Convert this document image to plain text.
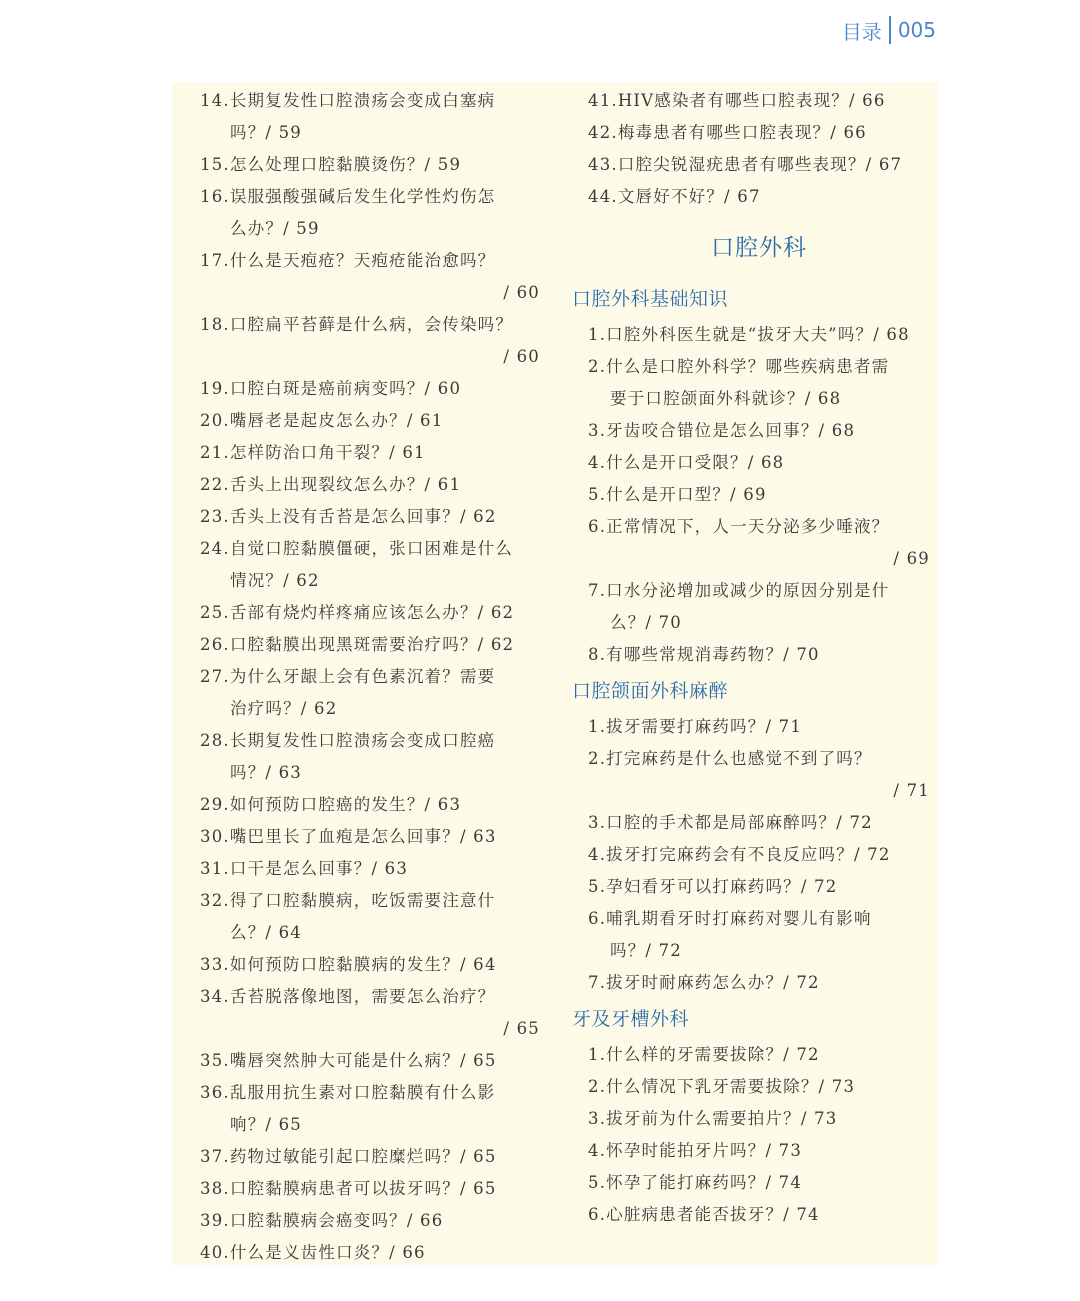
目录 005
14.长期复发性口腔溃疡会变成白塞病
吗？/ 59
15.怎么处理口腔黏膜烫伤？/ 59
16.误服强酸强碱后发生化学性灼伤怎
么办？/ 59
17.什么是天疱疮？天疱疮能治愈吗？
/ 60
18.口腔扁平苔藓是什么病，会传染吗？
/ 60
19.口腔白斑是癌前病变吗？/ 60
20.嘴唇老是起皮怎么办？/ 61
21.怎样防治口角干裂？/ 61
22.舌头上出现裂纹怎么办？/ 61
23.舌头上没有舌苔是怎么回事？/ 62
24.自觉口腔黏膜僵硬，张口困难是什么
情况？/ 62
25.舌部有烧灼样疼痛应该怎么办？/ 62
26.口腔黏膜出现黑斑需要治疗吗？/ 62
27.为什么牙龈上会有色素沉着？需要
治疗吗？/ 62
28.长期复发性口腔溃疡会变成口腔癌
吗？/ 63
29.如何预防口腔癌的发生？/ 63
30.嘴巴里长了血疱是怎么回事？/ 63
31.口干是怎么回事？/ 63
32.得了口腔黏膜病，吃饭需要注意什
么？/ 64
33.如何预防口腔黏膜病的发生？/ 64
34.舌苔脱落像地图，需要怎么治疗？
/ 65
35.嘴唇突然肿大可能是什么病？/ 65
36.乱服用抗生素对口腔黏膜有什么影
响？/ 65
37.药物过敏能引起口腔糜烂吗？/ 65
38.口腔黏膜病患者可以拔牙吗？/ 65
39.口腔黏膜病会癌变吗？/ 66
40.什么是义齿性口炎？/ 66
41.HIV感染者有哪些口腔表现？/ 66
42.梅毒患者有哪些口腔表现？/ 66
43.口腔尖锐湿疣患者有哪些表现？/ 67
44.文唇好不好？/ 67
口腔外科
口腔外科基础知识
1.口腔外科医生就是“拔牙大夫”吗？/ 68
2.什么是口腔外科学？哪些疾病患者需
要于口腔颌面外科就诊？/ 68
3.牙齿咬合错位是怎么回事？/ 68
4.什么是开口受限？/ 68
5.什么是开口型？/ 69
6.正常情况下，人一天分泌多少唾液？
/ 69
7.口水分泌增加或减少的原因分别是什
么？/ 70
8.有哪些常规消毒药物？/ 70
口腔颌面外科麻醉
1.拔牙需要打麻药吗？/ 71
2.打完麻药是什么也感觉不到了吗？
/ 71
3.口腔的手术都是局部麻醉吗？/ 72
4.拔牙打完麻药会有不良反应吗？/ 72
5.孕妇看牙可以打麻药吗？/ 72
6.哺乳期看牙时打麻药对婴儿有影响
吗？/ 72
7.拔牙时耐麻药怎么办？/ 72
牙及牙槽外科
1.什么样的牙需要拔除？/ 72
2.什么情况下乳牙需要拔除？/ 73
3.拔牙前为什么需要拍片？/ 73
4.怀孕时能拍牙片吗？/ 73
5.怀孕了能打麻药吗？/ 74
6.心脏病患者能否拔牙？/ 74
